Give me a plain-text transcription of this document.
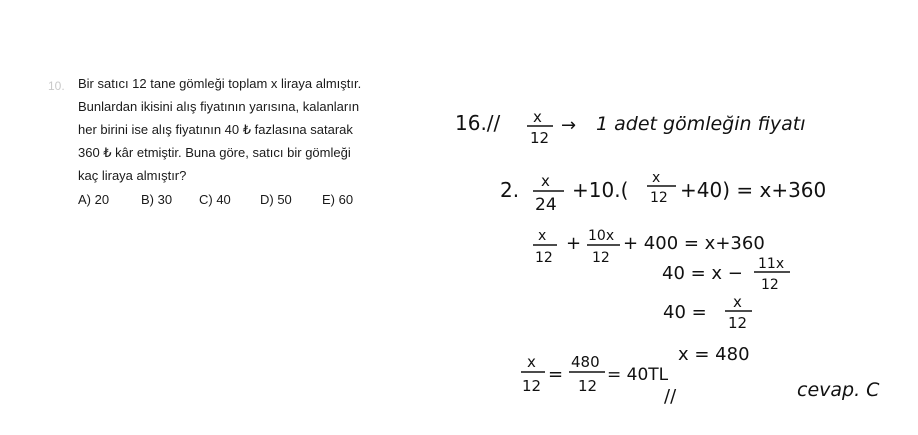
10. Bir satıcı 12 tane gömleği toplam x liraya almıştır.
Bunlardan ikisini alış fiyatının yarısına, kalanların
her birini ise alış fiyatının 40 ₺ fazlasına satarak
360 ₺ kâr etmiştir. Buna göre, satıcı bir gömleği
kaç liraya almıştır?
A) 20 B) 30 C) 40 D) 50 E) 60
16.// x
12
→ 1 adet gömleğin fiyatı
2. x
24
+10.( x
12 +40) = x+360
x
12
+ 10x
12
+ 400 = x+360
40 = x − 11x
12
40 = x
12
x = 480
x
12
=
480
12
= 40TL
//	cevap. C
